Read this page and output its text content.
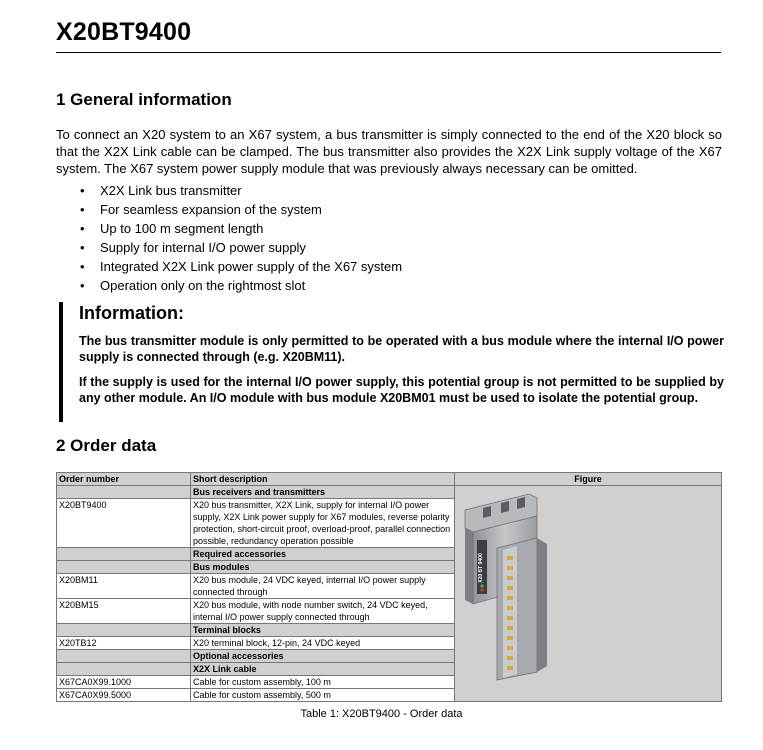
X20BT9400
1 General information
To connect an X20 system to an X67 system, a bus transmitter is simply connected to the end of the X20 block so that the X2X Link cable can be clamped. The bus transmitter also provides the X2X Link supply voltage of the X67 system. The X67 system power supply module that was previously always necessary can be omitted.
• X2X Link bus transmitter
• For seamless expansion of the system
• Up to 100 m segment length
• Supply for internal I/O power supply
• Integrated X2X Link power supply of the X67 system
• Operation only on the rightmost slot
Information:
The bus transmitter module is only permitted to be operated with a bus module where the internal I/O power supply is connected through (e.g. X20BM11).
If the supply is used for the internal I/O power supply, this potential group is not permitted to be supplied by any other module. An I/O module with bus module X20BM01 must be used to isolate the potential group.
2 Order data
Order number	Short description	Figure
	Bus receivers and transmitters	X20 BT 9400

X20BT9400	X20 bus transmitter, X2X Link, supply for internal I/O power supply, X2X Link power supply for X67 modules, reverse polarity protection, short-circuit proof, overload-proof, parallel connection possible, redundancy operation possible	
	Required accessories	
	Bus modules	
X20BM11	X20 bus module, 24 VDC keyed, internal I/O power supply connected through	
X20BM15	X20 bus module, with node number switch, 24 VDC keyed, internal I/O power supply connected through	
	Terminal blocks	
X20TB12	X20 terminal block, 12-pin, 24 VDC keyed	
	Optional accessories	
	X2X Link cable	
X67CA0X99.1000	Cable for custom assembly, 100 m	
X67CA0X99.5000	Cable for custom assembly, 500 m	
Table 1: X20BT9400 - Order data
